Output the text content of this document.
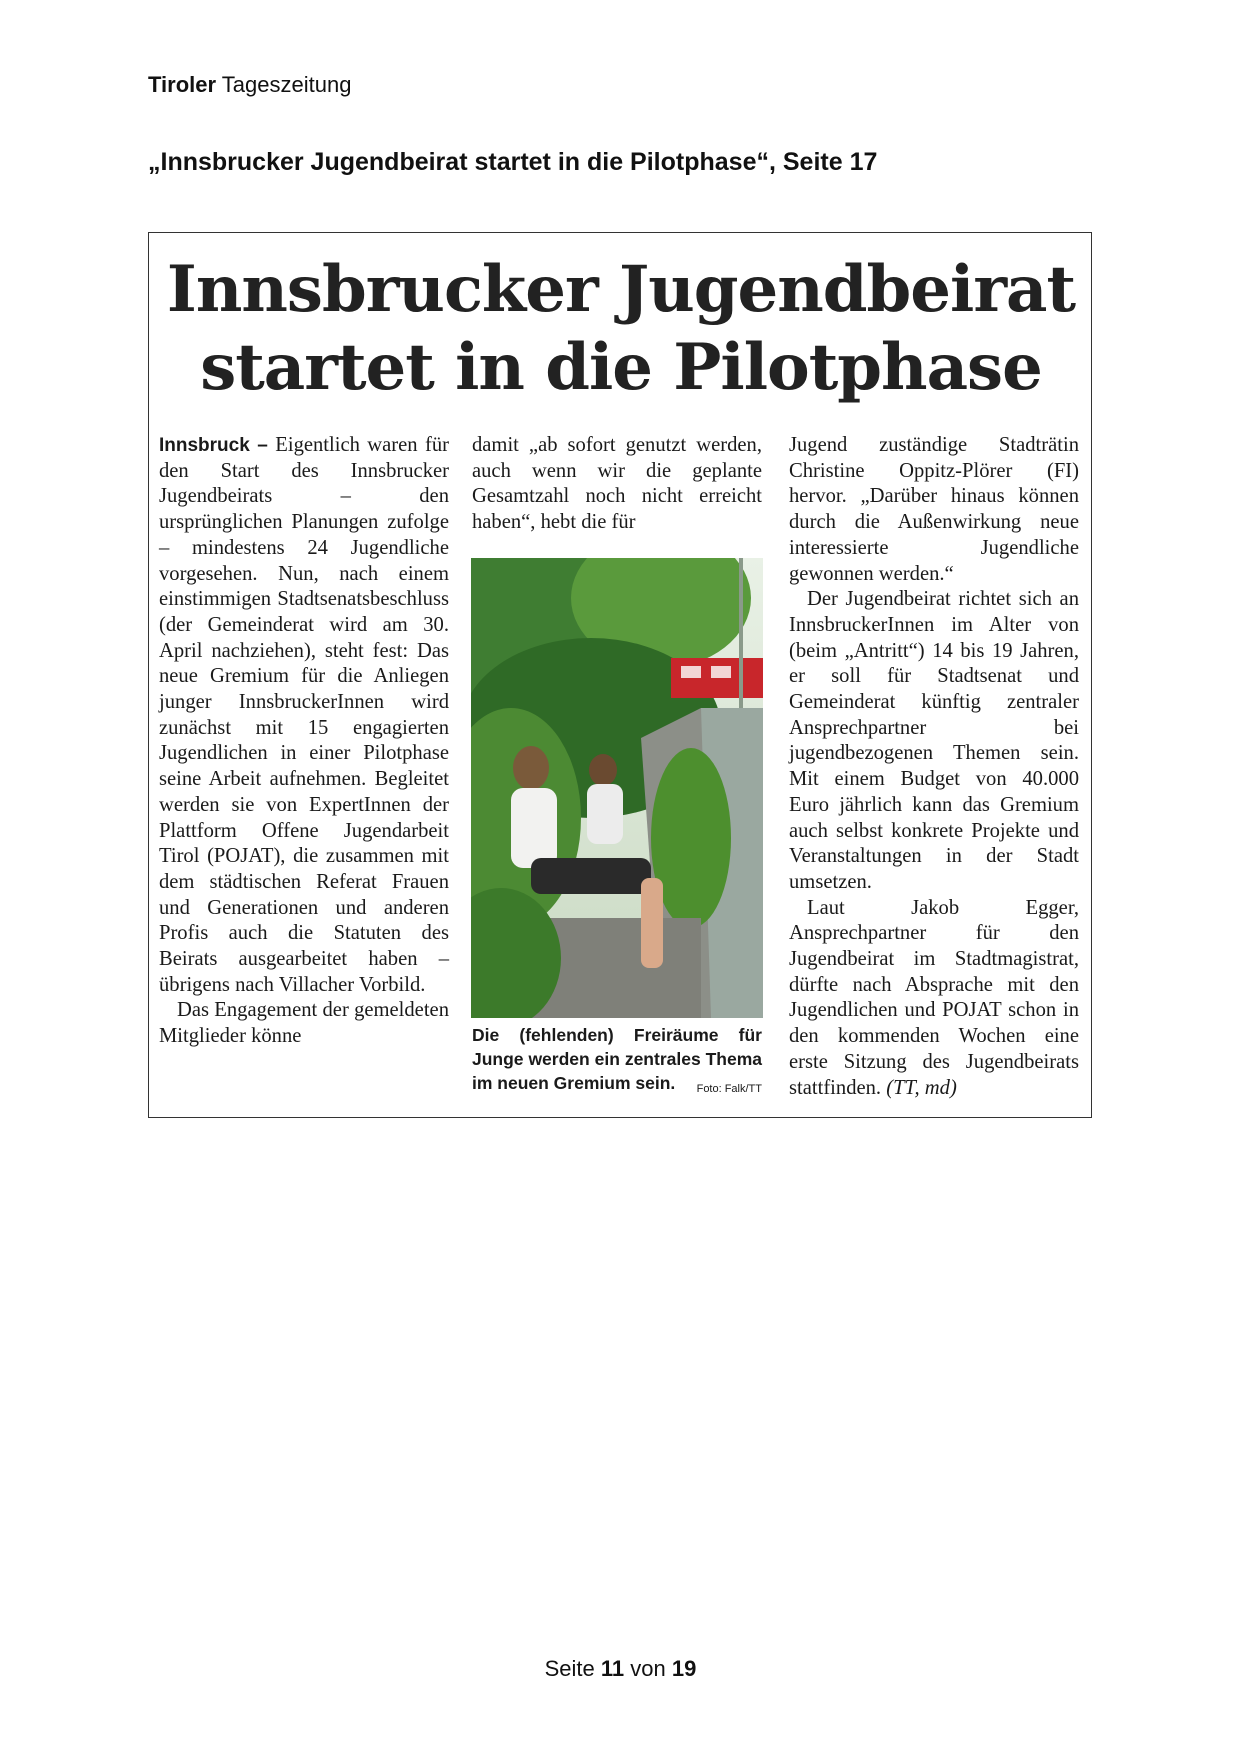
Tiroler Tageszeitung
„Innsbrucker Jugendbeirat startet in die Pilotphase“, Seite 17
Innsbrucker Jugendbeirat
startet in die Pilotphase

Innsbruck – Eigentlich waren für den Start des Innsbrucker Jugendbeirats – den ursprünglichen Planungen zufolge – mindestens 24 Jugendliche vorgesehen. Nun, nach einem einstimmigen Stadtsenatsbeschluss (der Gemeinderat wird am 30. April nachziehen), steht fest: Das neue Gremium für die Anliegen junger InnsbruckerInnen wird zunächst mit 15 engagierten Jugendlichen in einer Pilotphase seine Arbeit aufnehmen. Begleitet werden sie von ExpertInnen der Plattform Offene Jugendarbeit Tirol (POJAT), die zusammen mit dem städtischen Referat Frauen und Generationen und anderen Profis auch die Statuten des Beirats ausgearbeitet haben – übrigens nach Villacher Vorbild.

Das Engagement der gemeldeten Mitglieder könne

damit „ab sofort genutzt werden, auch wenn wir die geplante Gesamtzahl noch nicht erreicht haben“, hebt die für

Die (fehlenden) Freiräume für Junge werden ein zentrales Thema im neuen Gremium sein. Foto: Falk/TT

Jugend zuständige Stadträtin Christine Oppitz-Plörer (FI) hervor. „Darüber hinaus können durch die Außenwirkung neue interessierte Jugendliche gewonnen werden.“

Der Jugendbeirat richtet sich an InnsbruckerInnen im Alter von (beim „Antritt“) 14 bis 19 Jahren, er soll für Stadtsenat und Gemeinderat künftig zentraler Ansprechpartner bei jugendbezogenen Themen sein. Mit einem Budget von 40.000 Euro jährlich kann das Gremium auch selbst konkrete Projekte und Veranstaltungen in der Stadt umsetzen.

Laut Jakob Egger, Ansprechpartner für den Jugendbeirat im Stadtmagistrat, dürfte nach Absprache mit den Jugendlichen und POJAT schon in den kommenden Wochen eine erste Sitzung des Jugendbeirats stattfinden. (TT, md)

Seite 11 von 19
